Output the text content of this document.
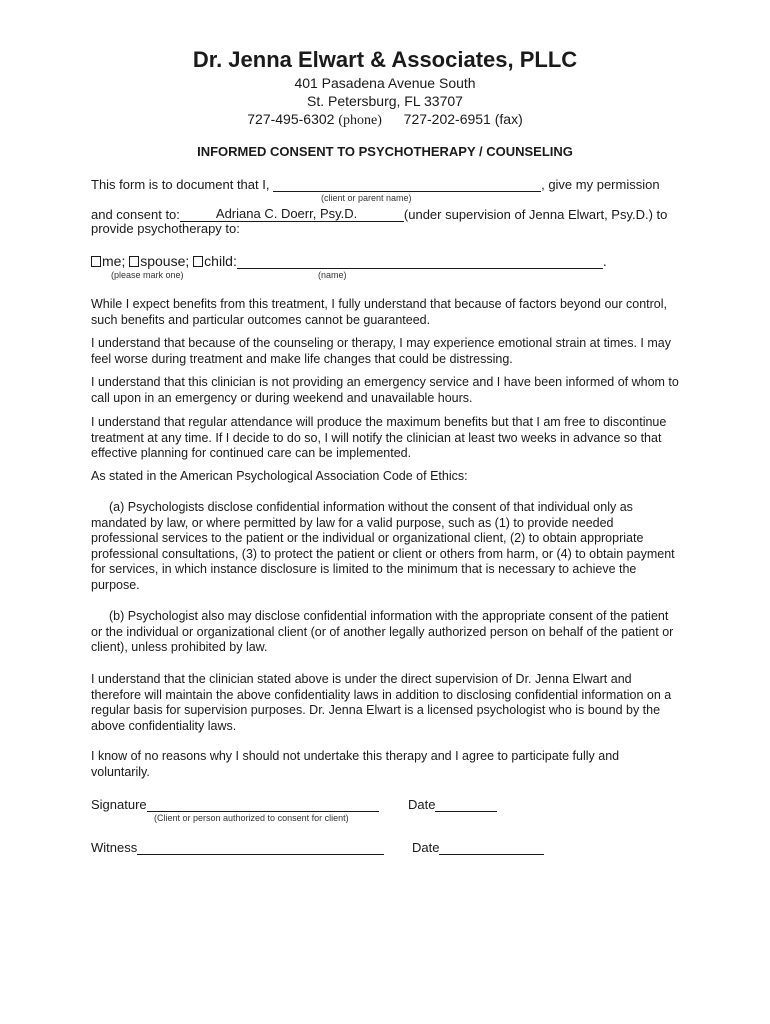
Dr. Jenna Elwart & Associates, PLLC
401 Pasadena Avenue South
St. Petersburg, FL 33707
727-495-6302 (phone) 727-202-6951 (fax)
INFORMED CONSENT TO PSYCHOTHERAPY / COUNSELING
This form is to document that I,	, give my permission
(client or parent name)
and consent to:	Adriana C. Doerr, Psy.D.	(under supervision of Jenna Elwart, Psy.D.) to
provide psychotherapy to:
me; spouse; child:	.
(please mark one)	(name)
While I expect benefits from this treatment, I fully understand that because of factors beyond our control, such benefits and particular outcomes cannot be guaranteed.
I understand that because of the counseling or therapy, I may experience emotional strain at times. I may feel worse during treatment and make life changes that could be distressing.
I understand that this clinician is not providing an emergency service and I have been informed of whom to call upon in an emergency or during weekend and unavailable hours.
I understand that regular attendance will produce the maximum benefits but that I am free to discontinue treatment at any time. If I decide to do so, I will notify the clinician at least two weeks in advance so that effective planning for continued care can be implemented.
As stated in the American Psychological Association Code of Ethics:
(a) Psychologists disclose confidential information without the consent of that individual only as mandated by law, or where permitted by law for a valid purpose, such as (1) to provide needed professional services to the patient or the individual or organizational client, (2) to obtain appropriate professional consultations, (3) to protect the patient or client or others from harm, or (4) to obtain payment for services, in which instance disclosure is limited to the minimum that is necessary to achieve the purpose.
(b) Psychologist also may disclose confidential information with the appropriate consent of the patient or the individual or organizational client (or of another legally authorized person on behalf of the patient or client), unless prohibited by law.
I understand that the clinician stated above is under the direct supervision of Dr. Jenna Elwart and therefore will maintain the above confidentiality laws in addition to disclosing confidential information on a regular basis for supervision purposes. Dr. Jenna Elwart is a licensed psychologist who is bound by the above confidentiality laws.
I know of no reasons why I should not undertake this therapy and I agree to participate fully and voluntarily.
Signature	Date
(Client or person authorized to consent for client)
Witness	Date
